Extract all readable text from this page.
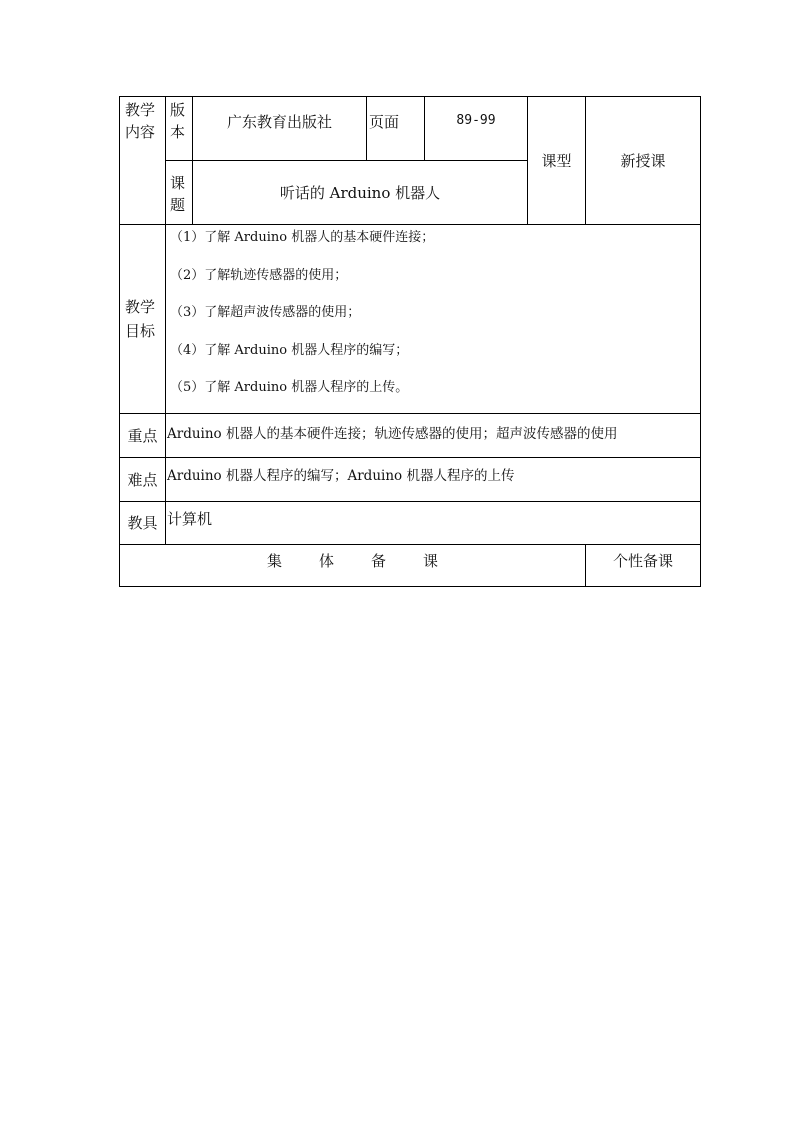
教学内容	版本	广东教育出版社	页面	89-99	课型	新授课

	课题	听话的 Arduino 机器人				

教学目标	（1）了解 Arduino 机器人的基本硬件连接；
（2）了解轨迹传感器的使用；
（3）了解超声波传感器的使用；
（4）了解 Arduino 机器人程序的编写；
（5）了解 Arduino 机器人程序的上传。					

重点	Arduino 机器人的基本硬件连接；轨迹传感器的使用；超声波传感器的使用					
难点	Arduino 机器人程序的编写；Arduino 机器人程序的上传					
教具	计算机					
集 体 备 课						个性备课
